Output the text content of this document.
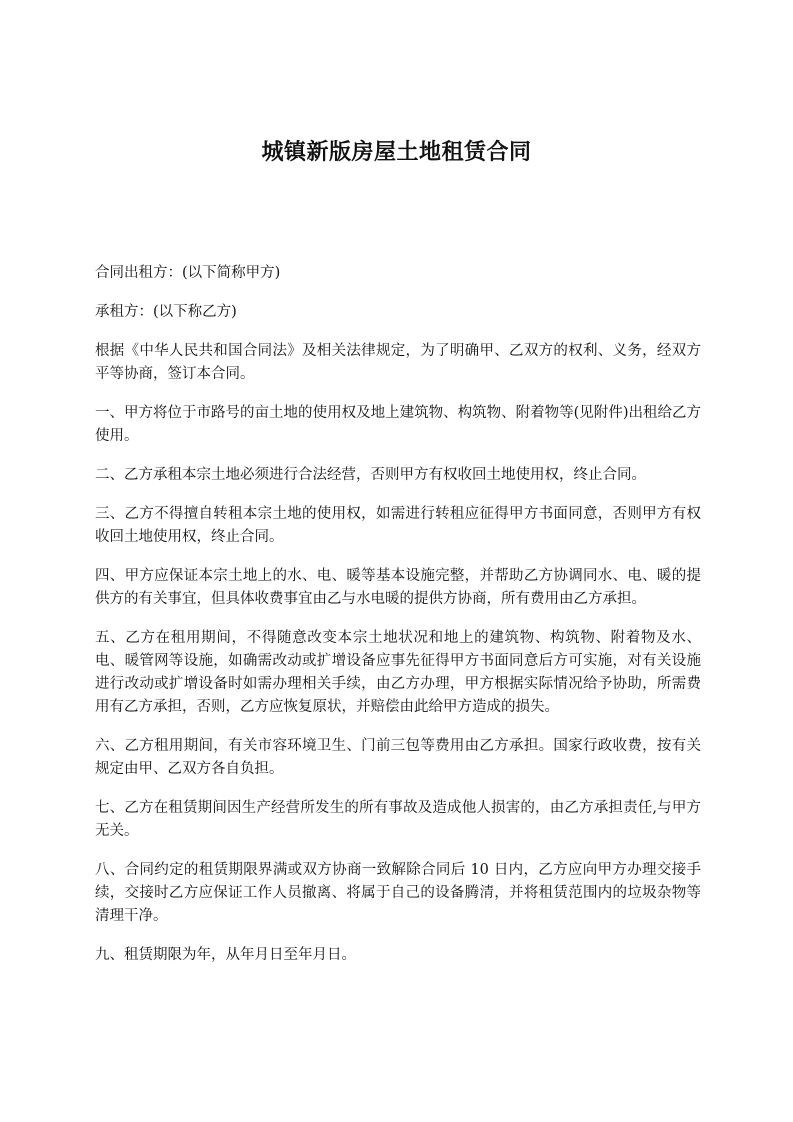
城镇新版房屋土地租赁合同

合同出租方：(以下简称甲方)

承租方：(以下称乙方)

根据《中华人民共和国合同法》及相关法律规定，为了明确甲、乙双方的权利、义务，经双方平等协商，签订本合同。

一、甲方将位于市路号的亩土地的使用权及地上建筑物、构筑物、附着物等(见附件)出租给乙方使用。

二、乙方承租本宗土地必须进行合法经营，否则甲方有权收回土地使用权，终止合同。

三、乙方不得擅自转租本宗土地的使用权，如需进行转租应征得甲方书面同意，否则甲方有权收回土地使用权，终止合同。

四、甲方应保证本宗土地上的水、电、暖等基本设施完整，并帮助乙方协调同水、电、暖的提供方的有关事宜，但具体收费事宜由乙与水电暖的提供方协商，所有费用由乙方承担。

五、乙方在租用期间，不得随意改变本宗土地状况和地上的建筑物、构筑物、附着物及水、电、暖管网等设施，如确需改动或扩增设备应事先征得甲方书面同意后方可实施，对有关设施进行改动或扩增设备时如需办理相关手续，由乙方办理，甲方根据实际情况给予协助，所需费用有乙方承担，否则，乙方应恢复原状，并赔偿由此给甲方造成的损失。

六、乙方租用期间，有关市容环境卫生、门前三包等费用由乙方承担。国家行政收费，按有关规定由甲、乙双方各自负担。

七、乙方在租赁期间因生产经营所发生的所有事故及造成他人损害的，由乙方承担责任,与甲方无关。

八、合同约定的租赁期限界满或双方协商一致解除合同后 10 日内，乙方应向甲方办理交接手续，交接时乙方应保证工作人员撤离、将属于自己的设备腾清，并将租赁范围内的垃圾杂物等清理干净。

九、租赁期限为年，从年月日至年月日。
